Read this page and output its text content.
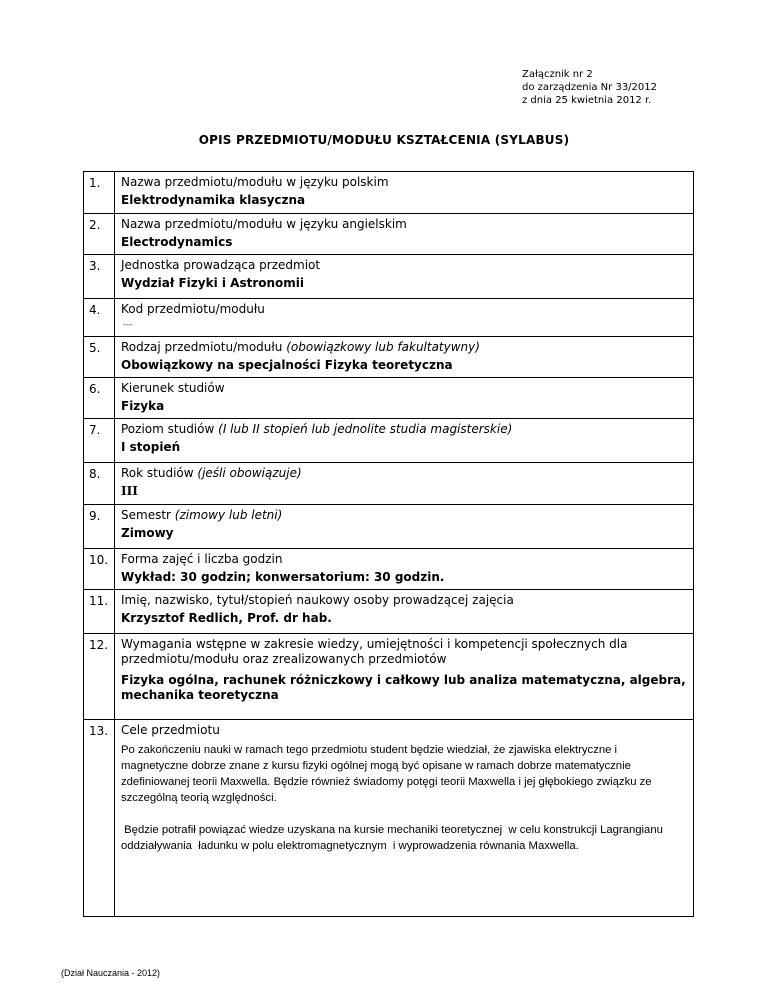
Załącznik nr 2
do zarządzenia Nr 33/2012
z dnia 25 kwietnia 2012 r.
OPIS PRZEDMIOTU/MODUŁU KSZTAŁCENIA (SYLABUS)
1.	Nazwa przedmiotu/modułu w języku polskim
Elektrodynamika klasyczna

2.	Nazwa przedmiotu/modułu w języku angielskim
Electrodynamics

3.	Jednostka prowadząca przedmiot
Wydział Fizyki i Astronomii

4.	Kod przedmiotu/modułu
---

5.	Rodzaj przedmiotu/modułu (obowiązkowy lub fakultatywny)
Obowiązkowy na specjalności Fizyka teoretyczna

6.	Kierunek studiów
Fizyka

7.	Poziom studiów (I lub II stopień lub jednolite studia magisterskie)
I stopień

8.	Rok studiów (jeśli obowiązuje)
III

9.	Semestr (zimowy lub letni)
Zimowy

10.	Forma zajęć i liczba godzin
Wykład: 30 godzin; konwersatorium: 30 godzin.

11.	Imię, nazwisko, tytuł/stopień naukowy osoby prowadzącej zajęcia
Krzysztof Redlich, Prof. dr hab.

12.	Wymagania wstępne w zakresie wiedzy, umiejętności i kompetencji społecznych dla przedmiotu/modułu oraz zrealizowanych przedmiotów
Fizyka ogólna, rachunek różniczkowy i całkowy lub analiza matematyczna, algebra, mechanika teoretyczna

13.	Cele przedmiotu

Po zakończeniu nauki w ramach tego przedmiotu student będzie wiedział, że zjawiska elektryczne i magnetyczne dobrze znane z kursu fizyki ogólnej mogą być opisane w ramach dobrze matematycznie zdefiniowanej teorii Maxwella. Będzie również świadomy potęgi teorii Maxwella i jej głębokiego związku ze szczególną teorią względności.

Będzie potrafił powiązać wiedze uzyskana na kursie mechaniki teoretycznej  w celu konstrukcji Lagrangianu oddziaływania  ładunku w polu elektromagnetycznym  i wyprowadzenia równania Maxwella.

(Dział Nauczania - 2012)
